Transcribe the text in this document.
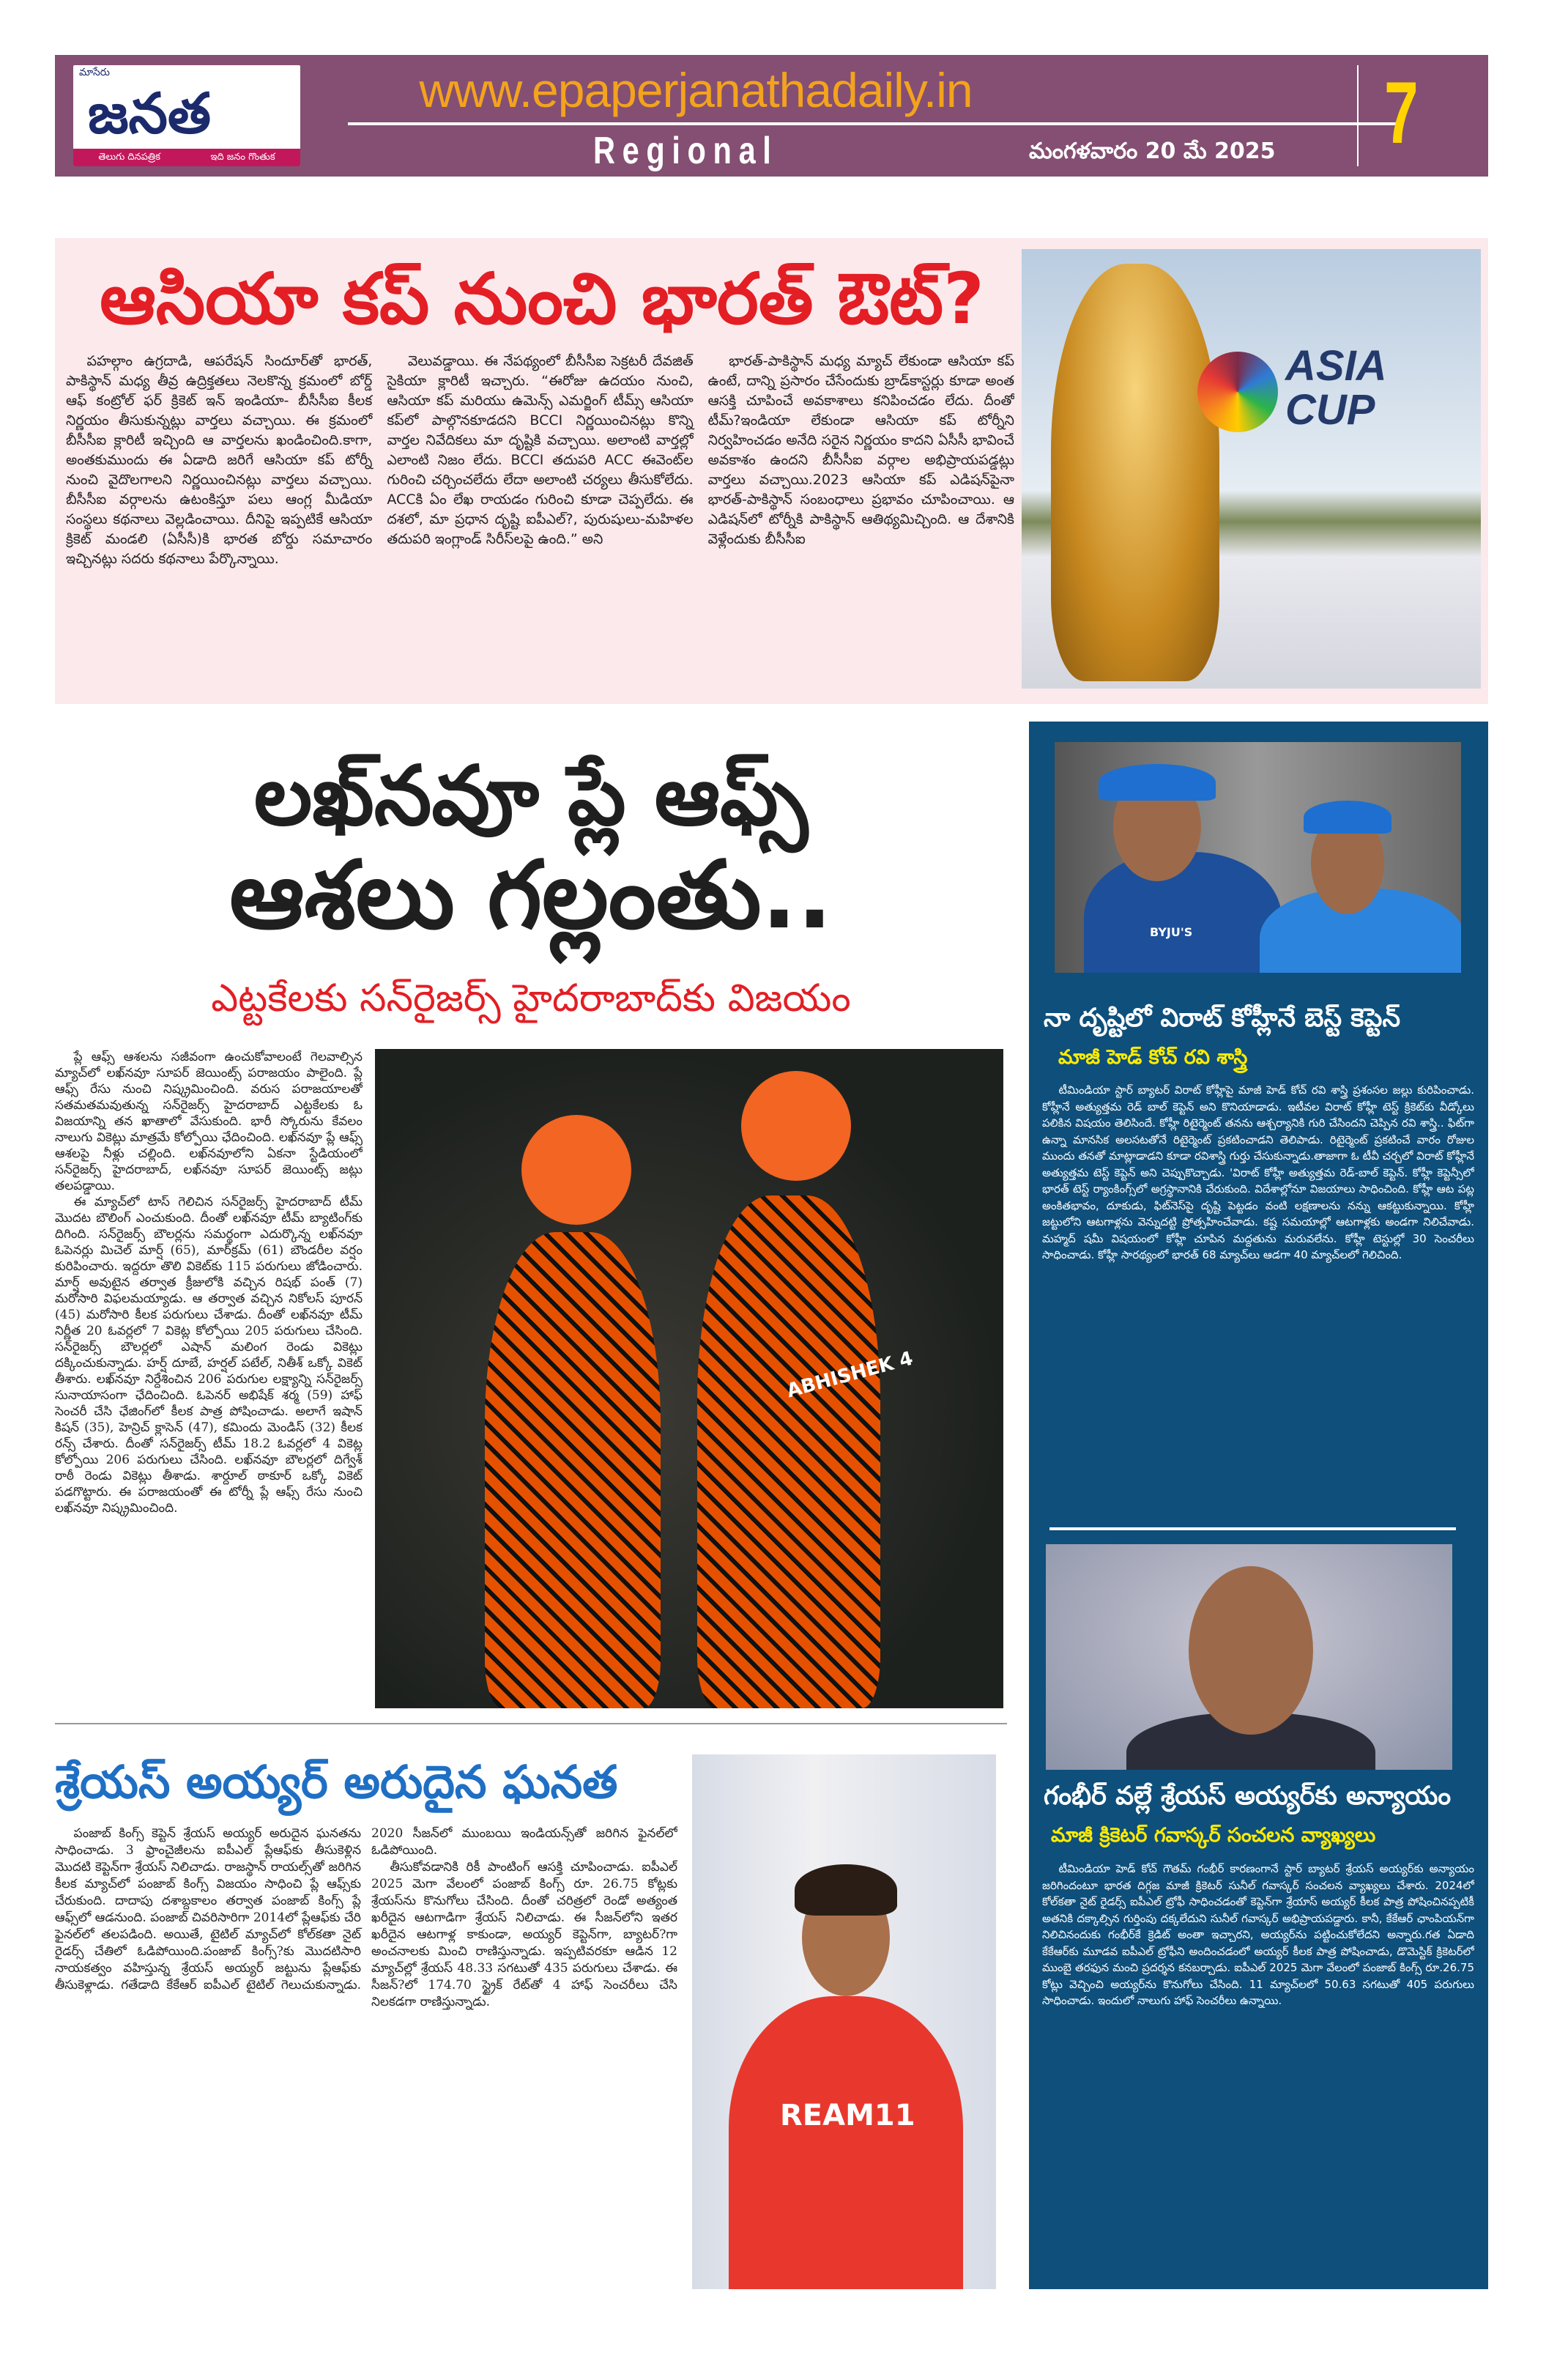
మాసేరు
జనత
తెలుగు దినపత్రిక	ఇది జనం గొంతుక
www.epaperjanathadaily.in
Regional	మంగళవారం 20 మే 2025 7
ఆసియా కప్ నుంచి భారత్ ఔట్?

పహల్గాం ఉగ్రదాడి, ఆపరేషన్ సిందూర్‌తో భారత్, పాకిస్థాన్ మధ్య తీవ్ర ఉద్రిక్తతలు నెలకొన్న క్రమంలో బోర్డ్ ఆఫ్ కంట్రోల్ ఫర్ క్రికెట్ ఇన్ ఇండియా- బీసీసీఐ కీలక నిర్ణయం తీసుకున్నట్లు వార్తలు వచ్చాయి. ఈ క్రమంలో బీసీసీఐ క్లారిటీ ఇచ్చింది ఆ వార్తలను ఖండించింది.కాగా, అంతకుముందు ఈ ఏడాది జరిగే ఆసియా కప్ టోర్నీ నుంచి వైదొలగాలని నిర్ణయించినట్లు వార్తలు వచ్చాయి. బీసీసీఐ వర్గాలను ఉటంకిస్తూ పలు ఆంగ్ల మీడియా సంస్థలు కథనాలు వెల్లడించాయి. దీనిపై ఇప్పటికే ఆసియా క్రికెట్ మండలి (ఏసీసీ)కి భారత బోర్డు సమాచారం ఇచ్చినట్లు సదరు కథనాలు పేర్కొన్నాయి.

వెలువడ్డాయి. ఈ నేపథ్యంలో బీసీసీఐ సెక్రటరీ దేవజిత్ సైకియా క్లారిటీ ఇచ్చారు. “ఈరోజు ఉదయం నుంచి, ఆసియా కప్ మరియు ఉమెన్స్ ఎమర్జింగ్ టీమ్స్ ఆసియా కప్‌లో పాల్గొనకూడదని BCCI నిర్ణయించినట్లు కొన్ని వార్తల నివేదికలు మా దృష్టికి వచ్చాయి. అలాంటి వార్తల్లో ఎలాంటి నిజం లేదు. BCCI తదుపరి ACC ఈవెంట్‌ల గురించి చర్చించలేదు లేదా అలాంటి చర్యలు తీసుకోలేదు. ACCకి ఏం లేఖ రాయడం గురించి కూడా చెప్పలేదు. ఈ దశలో, మా ప్రధాన దృష్టి ఐపీఎల్?, పురుషులు-మహిళల తదుపరి ఇంగ్లాండ్ సిరీస్‌లపై ఉంది.” అని

భారత్-పాకిస్థాన్ మధ్య మ్యాచ్ లేకుండా ఆసియా కప్ ఉంటే, దాన్ని ప్రసారం చేసేందుకు బ్రాడ్‌కాస్టర్లు కూడా అంత ఆసక్తి చూపించే అవకాశాలు కనిపించడం లేదు. దీంతో టీమ్?ఇండియా లేకుండా ఆసియా కప్ టోర్నీని నిర్వహించడం అనేది సరైన నిర్ణయం కాదని ఏసీసీ భావించే అవకాశం ఉందని బీసీసీఐ వర్గాల అభిప్రాయపడ్డట్లు వార్తలు వచ్చాయి.2023 ఆసియా కప్ ఎడిషన్‌పైనా భారత్-పాకిస్థాన్ సంబంధాలు ప్రభావం చూపించాయి. ఆ ఎడిషన్‌లో టోర్నీకి పాకిస్థాన్ ఆతిథ్యమిచ్చింది. ఆ దేశానికి వెళ్లేందుకు బీసీసీఐ

ASIA
CUP
లఖ్‌నవూ ప్లే ఆఫ్స్
ఆశలు గల్లంతు..
ఎట్టకేలకు సన్‌రైజర్స్ హైదరాబాద్‌కు విజయం

ప్లే ఆఫ్స్ ఆశలను సజీవంగా ఉంచుకోవాలంటే గెలవాల్సిన మ్యాచ్‌లో లఖ్‌నవూ సూపర్ జెయింట్స్ పరాజయం పాలైంది. ప్లే ఆఫ్స్ రేసు నుంచి నిష్క్రమించింది. వరుస పరాజయాలతో సతమతమవుతున్న సన్‌రైజర్స్ హైదరాబాద్ ఎట్టకేలకు ఓ విజయాన్ని తన ఖాతాలో వేసుకుంది. భారీ స్కోరును కేవలం నాలుగు వికెట్లు మాత్రమే కోల్పోయి ఛేదించింది. లఖ్‌నవూ ప్లే ఆఫ్స్ ఆశలపై నీళ్లు చల్లింది. లఖ్‌నవూలోని ఏకనా స్టేడియంలో సన్‌రైజర్స్ హైదరాబాద్, లఖ్‌నవూ సూపర్ జెయింట్స్ జట్లు తలపడ్డాయి.

ఈ మ్యాచ్‌లో టాస్ గెలిచిన సన్‌రైజర్స్ హైదరాబాద్ టీమ్ మొదట బౌలింగ్ ఎంచుకుంది. దీంతో లఖ్‌నవూ టీమ్ బ్యాటింగ్‌కు దిగింది. సన్‌రైజర్స్ బౌలర్లను సమర్థంగా ఎదుర్కొన్న లఖ్‌నవూ ఓపెనర్లు మిచెల్ మార్ష్ (65), మార్‌క్రమ్ (61) బౌండరీల వర్షం కురిపించారు. ఇద్దరూ తొలి వికెట్‌కు 115 పరుగులు జోడించారు. మార్ష్ అవుటైన తర్వాత క్రీజులోకి వచ్చిన రిషభ్ పంత్ (7) మరోసారి విఫలమయ్యాడు. ఆ తర్వాత వచ్చిన నికోలస్ పూరన్ (45) మరోసారి కీలక పరుగులు చేశాడు. దీంతో లఖ్‌నవూ టీమ్ నిర్ణీత 20 ఓవర్లలో 7 వికెట్ల కోల్పోయి 205 పరుగులు చేసింది. సన్‌రైజర్స్ బౌలర్లలో ఎషాన్ మలింగ రెండు వికెట్లు దక్కించుకున్నాడు. హర్ష్ దూబే, హర్షల్ పటేల్, నితీశ్ ఒక్కో వికెట్ తీశారు. లఖ్‌నవూ నిర్దేశించిన 206 పరుగుల లక్ష్యాన్ని సన్‌రైజర్స్ సునాయాసంగా ఛేదించింది. ఓపెనర్ అభిషేక్ శర్మ (59) హాఫ్ సెంచరీ చేసి ఛేజింగ్‌లో కీలక పాత్ర పోషించాడు. అలాగే ఇషాన్ కిషన్ (35), హెన్రిచ్ క్లాసెన్ (47), కమిందు మెండిస్ (32) కీలక రన్స్ చేశారు. దీంతో సన్‌రైజర్స్ టీమ్ 18.2 ఓవర్లలో 4 వికెట్ల కోల్పోయి 206 పరుగులు చేసింది. లఖ్‌నవూ బౌలర్లలో దిగ్వేశ్ రాఠీ రెండు వికెట్లు తీశాడు. శార్దూల్ ఠాకూర్ ఒక్కో వికెట్ పడగొట్టారు. ఈ పరాజయంతో ఈ టోర్నీ ప్లే ఆఫ్స్ రేసు నుంచి లఖ్‌నవూ నిష్క్రమించింది.

ABHISHEK 4
శ్రేయస్ అయ్యర్ అరుదైన ఘనత

పంజాబ్ కింగ్స్ కెప్టెన్ శ్రేయస్ అయ్యర్ అరుదైన ఘనతను సాధించాడు. 3 ఫ్రాంచైజీలను ఐపీఎల్ ప్లేఆఫ్‌కు తీసుకెళ్లిన మొదటి కెప్టెన్‌గా శ్రేయస్ నిలిచాడు. రాజస్థాన్ రాయల్స్‌తో జరిగిన కీలక మ్యాచ్‌లో పంజాబ్ కింగ్స్ విజయం సాధించి ప్లే ఆఫ్స్‌కు చేరుకుంది. దాదాపు దశాబ్దకాలం తర్వాత పంజాబ్ కింగ్స్ ప్లే ఆఫ్స్‌లో ఆడనుంది. పంజాబ్ చివరిసారిగా 2014లో ప్లేఆఫ్‌కు చేరి ఫైనల్‌లో తలపడింది. అయితే, టైటిల్ మ్యాచ్‌లో కోల్‌కతా నైట్ రైడర్స్ చేతిలో ఓడిపోయింది.పంజాబ్ కింగ్స్?కు మొదటిసారి నాయకత్వం వహిస్తున్న శ్రేయస్ అయ్యర్ జట్టును ప్లేఆఫ్‌కు తీసుకెళ్లాడు. గతేడాది కేకేఆర్ ఐపీఎల్ టైటిల్ గెలుచుకున్నాడు. 2020 సీజన్‌లో ముంబయి ఇండియన్స్‌తో జరిగిన ఫైనల్‌లో ఓడిపోయింది.

తీసుకోవడానికి రికీ పాంటింగ్ ఆసక్తి చూపించాడు. ఐపీఎల్ 2025 మెగా వేలంలో పంజాబ్ కింగ్స్ రూ. 26.75 కోట్లకు శ్రేయస్‌ను కొనుగోలు చేసింది. దీంతో చరిత్రలో రెండో అత్యంత ఖరీదైన ఆటగాడిగా శ్రేయస్ నిలిచాడు. ఈ సీజన్‌లోని ఇతర ఖరీదైన ఆటగాళ్ల కాకుండా, అయ్యర్ కెప్టెన్‌గా, బ్యాటర్?గా అంచనాలకు మించి రాణిస్తున్నాడు. ఇప్పటివరకూ ఆడిన 12 మ్యాచ్‌ల్లో శ్రేయస్ 48.33 సగటుతో 435 పరుగులు చేశాడు. ఈ సీజన్?లో 174.70 స్ట్రైక్ రేట్‌తో 4 హాఫ్ సెంచరీలు చేసి నిలకడగా రాణిస్తున్నాడు.

REAM11
BYJU'S
నా దృష్టిలో విరాట్ కోహ్లీనే బెస్ట్ కెప్టెన్
మాజీ హెడ్ కోచ్ రవి శాస్త్రి

టీమిండియా స్టార్ బ్యాటర్ విరాట్ కోహ్లీపై మాజీ హెడ్ కోచ్ రవి శాస్త్రి ప్రశంసల జల్లు కురిపించాడు. కోహ్లీనే అత్యుత్తమ రెడ్ బాల్ కెప్టెన్ అని కొనియాడాడు. ఇటీవల విరాట్ కోహ్లీ టెస్ట్ క్రికెట్‌కు వీడ్కోలు పలికిన విషయం తెలిసిందే. కోహ్లీ రిటైర్మెంట్ తనను ఆశ్చర్యానికి గురి చేసిందని చెప్పిన రవి శాస్త్రి.. ఫిట్‌గా ఉన్నా మానసిక అలసటతోనే రిటైర్మెంట్ ప్రకటించాడని తెలిపాడు. రిటైర్మెంట్ ప్రకటించే వారం రోజుల ముందు తనతో మాట్లాడాడని కూడా రవిశాస్త్రి గుర్తు చేసుకున్నాడు.తాజాగా ఓ టీవీ చర్చలో విరాట్ కోహ్లీనే అత్యుత్తమ టెస్ట్ కెప్టెన్ అని చెప్పుకొచ్చాడు. 'విరాట్ కోహ్లీ అత్యుత్తమ రెడ్-బాల్ కెప్టెన్. కోహ్లీ కెప్టెన్సీలో భారత్ టెస్ట్ ర్యాంకింగ్స్‌లో అగ్రస్థానానికి చేరుకుంది. విదేశాల్లోనూ విజయాలు సాధించింది. కోహ్లీ ఆట పట్ల అంకితభావం, దూకుడు, ఫిట్‌నెస్‌పై దృష్టి పెట్టడం వంటి లక్షణాలను నన్ను ఆకట్టుకున్నాయి. కోహ్లీ జట్టులోని ఆటగాళ్లను వెన్నుదట్టి ప్రోత్సహించేవాడు. కష్ట సమయాల్లో ఆటగాళ్లకు అండగా నిలిచేవాడు. మహ్మద్ షమీ విషయంలో కోహ్లీ చూపిన మద్దతును మరువలేను. కోహ్లీ టెస్టుల్లో 30 సెంచరీలు సాధించాడు. కోహ్లీ సారథ్యంలో భారత్ 68 మ్యాచ్‌లు ఆడగా 40 మ్యాచ్‌లలో గెలిచింది.

గంభీర్ వల్లే శ్రేయస్ అయ్యర్‌కు అన్యాయం
మాజీ క్రికెటర్ గవాస్కర్ సంచలన వ్యాఖ్యలు

టీమిండియా హెడ్ కోచ్ గౌతమ్ గంభీర్ కారణంగానే స్టార్ బ్యాటర్ శ్రేయస్ అయ్యర్‌కు అన్యాయం జరిగిందంటూ భారత దిగ్గజ మాజీ క్రికెటర్ సునీల్ గవాస్కర్ సంచలన వ్యాఖ్యలు చేశారు. 2024లో కోల్‌కతా నైట్ రైడర్స్ ఐపీఎల్ ట్రోఫీ సాధించడంతో కెప్టెన్‌గా శ్రేయాస్ అయ్యర్ కీలక పాత్ర పోషించినప్పటికీ అతనికి దక్కాల్సిన గుర్తింపు దక్కలేదుని సునీల్ గవాస్కర్ అభిప్రాయపడ్డారు. కానీ, కేకేఆర్ ఛాంపియన్‌గా నిలిచినందుకు గంభీర్‌కే క్రెడిట్ అంతా ఇచ్చారని, అయ్యర్‌ను పట్టించుకోలేదని అన్నారు.గత ఏడాది కేకేఆర్‌కు మూడవ ఐపీఎల్ ట్రోఫీని అందించడంలో అయ్యర్ కీలక పాత్ర పోషించాడు, డొమెస్టిక్ క్రికెటర్‌లో ముంబై తరఫున మంచి ప్రదర్శన కనబర్చాడు. ఐపీఎల్ 2025 మెగా వేలంలో పంజాబ్ కింగ్స్ రూ.26.75 కోట్లు వెచ్చించి అయ్యర్‌ను కొనుగోలు చేసింది. 11 మ్యాచ్‌లలో 50.63 సగటుతో 405 పరుగులు సాధించాడు. ఇందులో నాలుగు హాఫ్ సెంచరీలు ఉన్నాయి.
